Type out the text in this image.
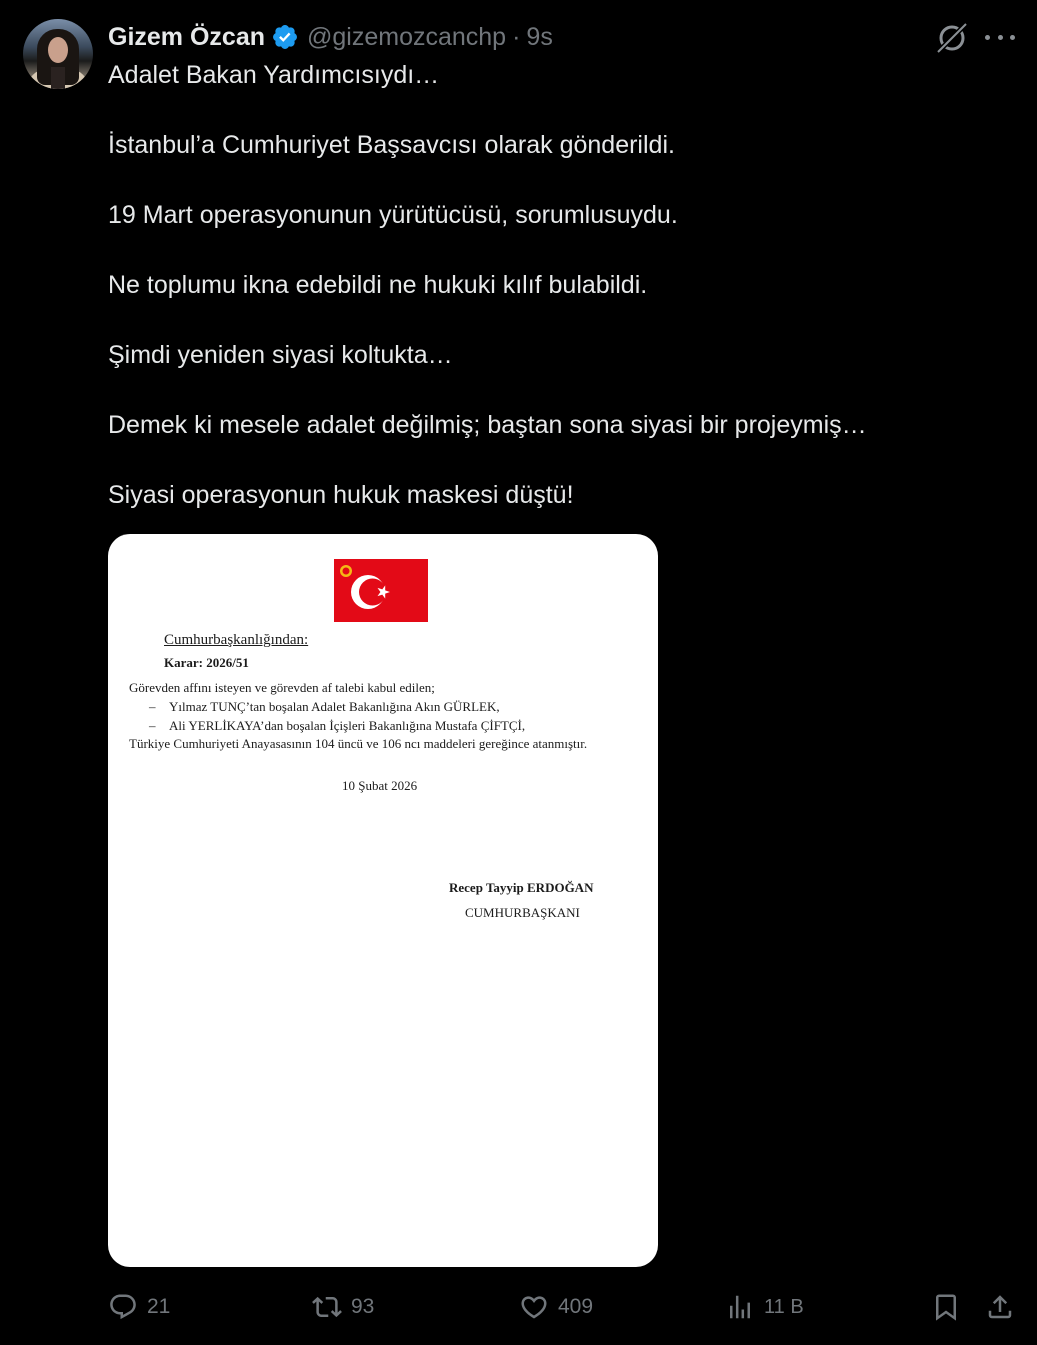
Gizem Özcan @gizemozcanchp · 9s

Adalet Bakan Yardımcısıydı…

İstanbul’a Cumhuriyet Başsavcısı olarak gönderildi.

19 Mart operasyonunun yürütücüsü, sorumlusuydu.

Ne toplumu ikna edebildi ne hukuki kılıf bulabildi.

Şimdi yeniden siyasi koltukta…

Demek ki mesele adalet değilmiş; baştan sona siyasi bir projeymiş…

Siyasi operasyonun hukuk maskesi düştü!

Cumhurbaşkanlığından:
Karar: 2026/51
Görevden affını isteyen ve görevden af talebi kabul edilen;
– Yılmaz TUNÇ’tan boşalan Adalet Bakanlığına Akın GÜRLEK,
– Ali YERLİKAYA’dan boşalan İçişleri Bakanlığına Mustafa ÇİFTÇİ,
Türkiye Cumhuriyeti Anayasasının 104 üncü ve 106 ncı maddeleri gereğince atanmıştır.
10 Şubat 2026
Recep Tayyip ERDOĞAN
CUMHURBAŞKANI
21	93	409	11 B
